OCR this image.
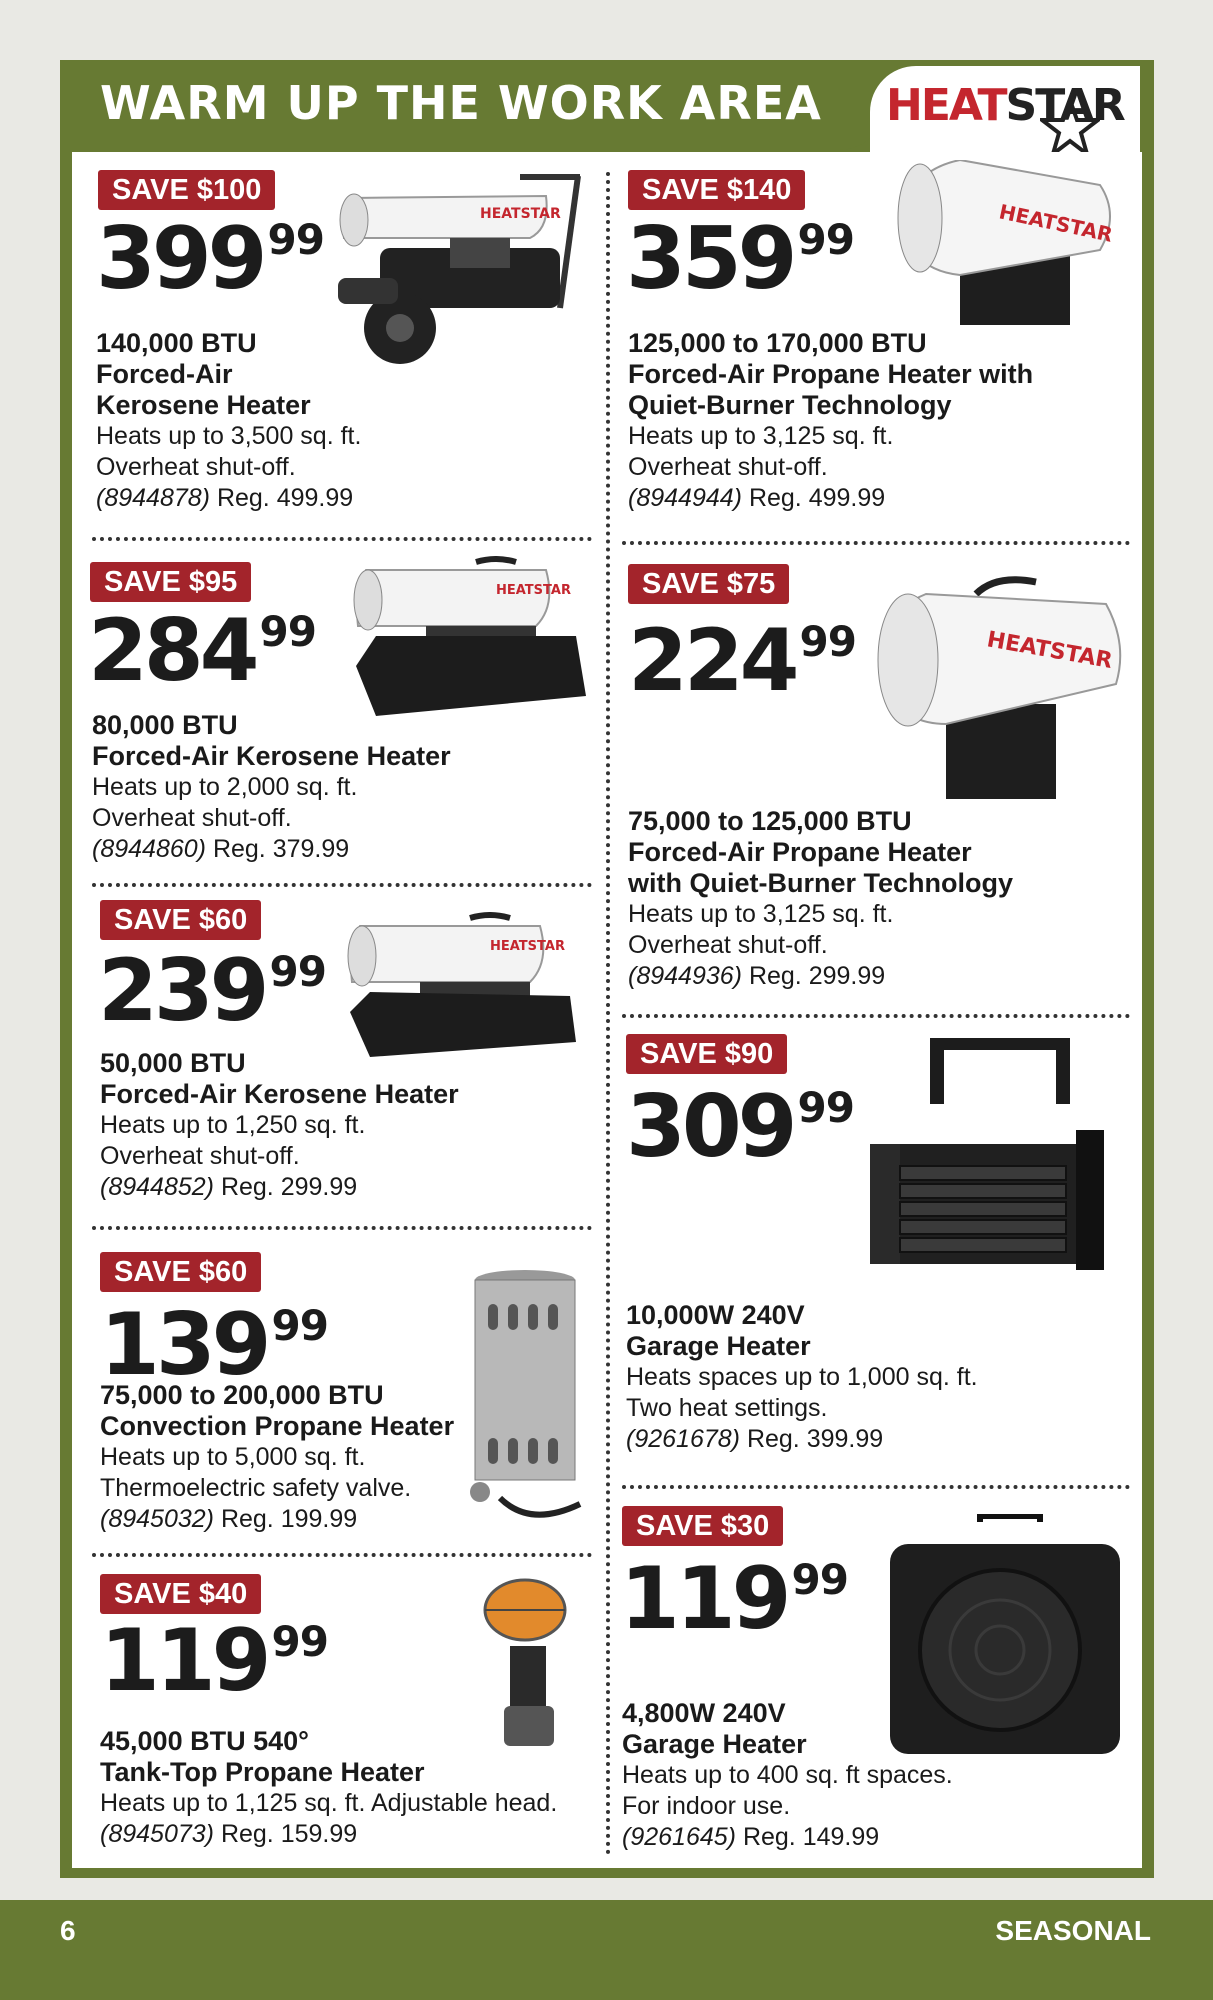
WARM UP THE WORK AREA HEATSTAR
SAVE $100
$399^{99}$
HEATSTAR
140,000 BTU
Forced-Air
Kerosene Heater
Heats up to 3,500 sq. ft.
Overheat shut-off.
(8944878) Reg. 499.99
SAVE $140
$359^{99}$	HEATSTAR
125,000 to 170,000 BTU
Forced-Air Propane Heater with
Quiet-Burner Technology
Heats up to 3,125 sq. ft.
Overheat shut-off.
(8944944) Reg. 499.99
SAVE $95
$284^{99}$
HEATSTAR
80,000 BTU
Forced-Air Kerosene Heater
Heats up to 2,000 sq. ft.
Overheat shut-off.
(8944860) Reg. 379.99
SAVE $75
$224^{99}$	HEATSTAR
75,000 to 125,000 BTU
Forced-Air Propane Heater
with Quiet-Burner Technology
Heats up to 3,125 sq. ft.
Overheat shut-off.
(8944936) Reg. 299.99
SAVE $60
$239^{99}$
HEATSTAR
50,000 BTU
Forced-Air Kerosene Heater
Heats up to 1,250 sq. ft.
Overheat shut-off.
(8944852) Reg. 299.99
SAVE $90
$309^{99}$
10,000W 240V
Garage Heater
Heats spaces up to 1,000 sq. ft.
Two heat settings.
(9261678) Reg. 399.99
SAVE $60
$139^{99}$
75,000 to 200,000 BTU
Convection Propane Heater
Heats up to 5,000 sq. ft.
Thermoelectric safety valve.
(8945032) Reg. 199.99	SAVE $30
$119^{99}$
4,800W 240V
Garage Heater
Heats up to 400 sq. ft spaces.
For indoor use.
(9261645) Reg. 149.99
SAVE $40
$119^{99}$
45,000 BTU 540°
Tank-Top Propane Heater
Heats up to 1,125 sq. ft. Adjustable head.
(8945073) Reg. 159.99
6	SEASONAL
